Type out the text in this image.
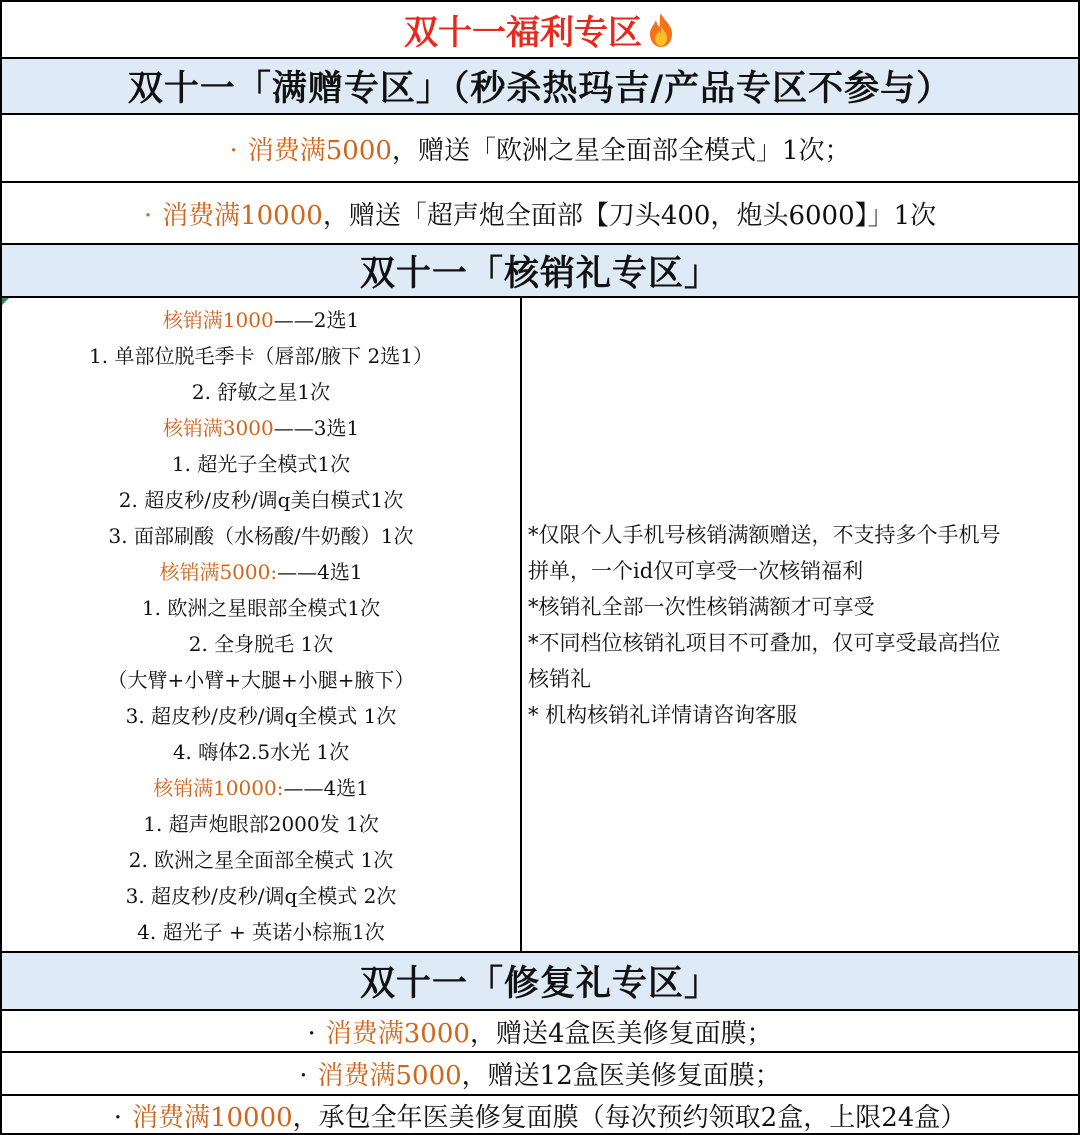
双十一福利专区
双十一「满赠专区」（秒杀热玛吉/产品专区不参与）
· 消费满5000，赠送「欧洲之星全面部全模式」1次；
· 消费满10000，赠送「超声炮全面部【刀头400，炮头6000】」1次
双十一「核销礼专区」
核销满1000——2选1
1. 单部位脱毛季卡（唇部/腋下 2选1）
2. 舒敏之星1次
核销满3000——3选1
1. 超光子全模式1次
2. 超皮秒/皮秒/调q美白模式1次
3. 面部刷酸（水杨酸/牛奶酸）1次
核销满5000:——4选1
1. 欧洲之星眼部全模式1次
2. 全身脱毛 1次
（大臂+小臂+大腿+小腿+腋下）
3. 超皮秒/皮秒/调q全模式 1次
4. 嗨体2.5水光 1次
核销满10000:——4选1
1. 超声炮眼部2000发 1次
2. 欧洲之星全面部全模式 1次
3. 超皮秒/皮秒/调q全模式 2次
4. 超光子 + 英诺小棕瓶1次
*仅限个人手机号核销满额赠送，不支持多个手机号
拼单，一个id仅可享受一次核销福利
*核销礼全部一次性核销满额才可享受
*不同档位核销礼项目不可叠加，仅可享受最高挡位
核销礼
* 机构核销礼详情请咨询客服
双十一「修复礼专区」
· 消费满3000，赠送4盒医美修复面膜；
· 消费满5000，赠送12盒医美修复面膜；
· 消费满10000，承包全年医美修复面膜（每次预约领取2盒，上限24盒）
